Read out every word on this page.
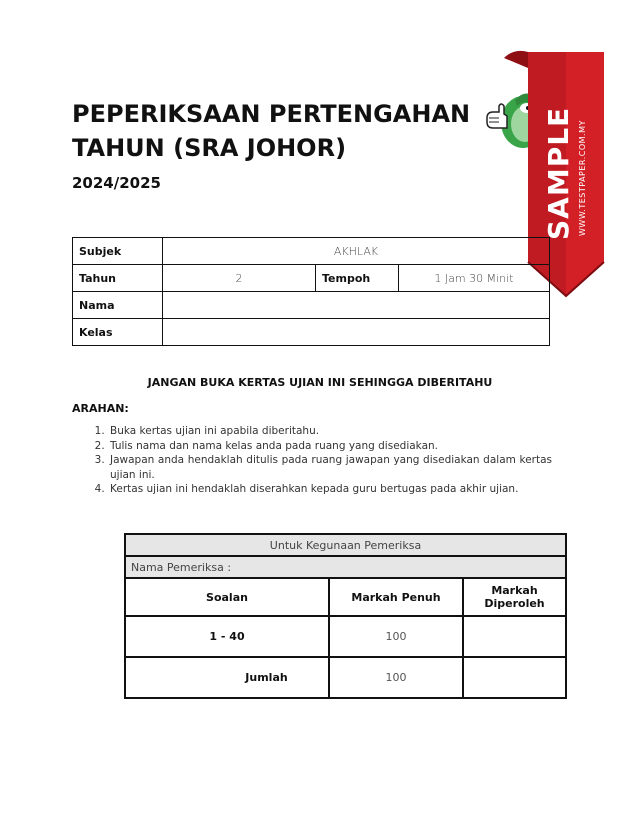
PEPERIKSAAN PERTENGAHAN
TAHUN (SRA JOHOR)
2024/2025	SAMPLE WWW.TESTPAPER.COM.MY
Subjek	AKHLAK		
Tahun	2	Tempoh	1 Jam 30 Minit
Nama			
Kelas			
JANGAN BUKA KERTAS UJIAN INI SEHINGGA DIBERITAHU
ARAHAN:
1. Buka kertas ujian ini apabila diberitahu.
2. Tulis nama dan nama kelas anda pada ruang yang disediakan.
3. Jawapan anda hendaklah ditulis pada ruang jawapan yang disediakan dalam kertas ujian ini.
4. Kertas ujian ini hendaklah diserahkan kepada guru bertugas pada akhir ujian.
Untuk Kegunaan Pemeriksa		
Nama Pemeriksa :		
Soalan	Markah Penuh	Markah
Diperoleh

1 - 40	100	
Jumlah	100	
